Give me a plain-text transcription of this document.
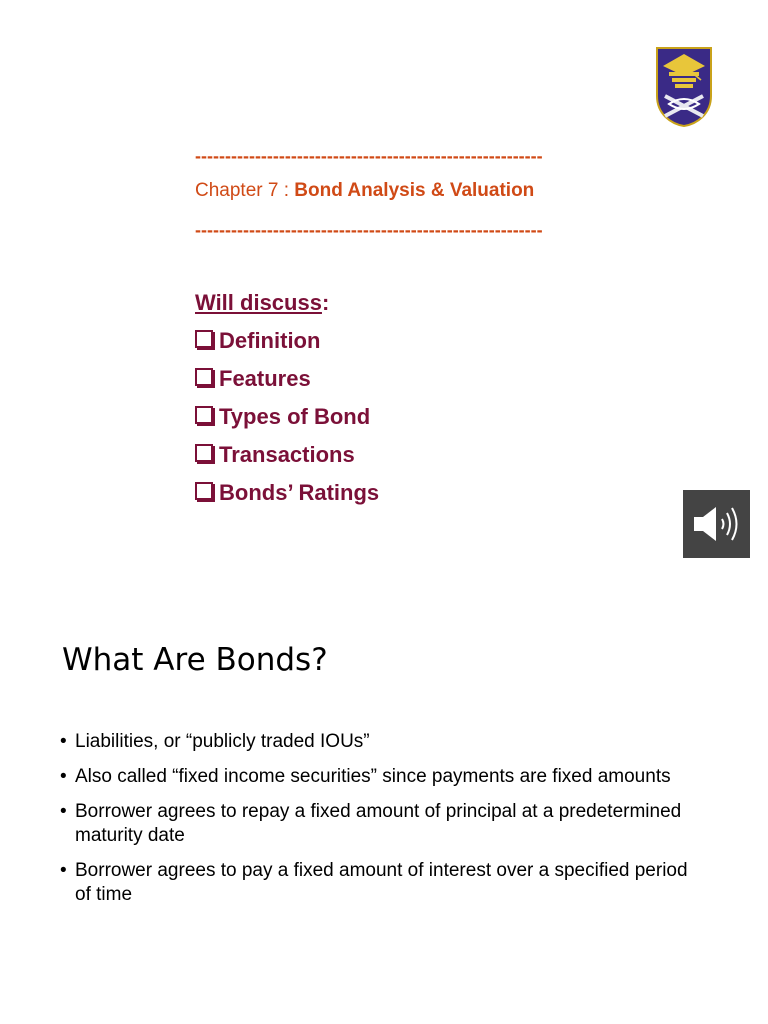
----------------------------------------------------------
Chapter 7 : Bond Analysis & Valuation
----------------------------------------------------------
Will discuss:
Definition
Features
Types of Bond
Transactions
Bonds’ Ratings
What Are Bonds?
• Liabilities, or “publicly traded IOUs”
• Also called “fixed income securities” since payments are fixed amounts
• Borrower agrees to repay a fixed amount of principal at a predetermined maturity date
• Borrower agrees to pay a fixed amount of interest over a specified period of time
